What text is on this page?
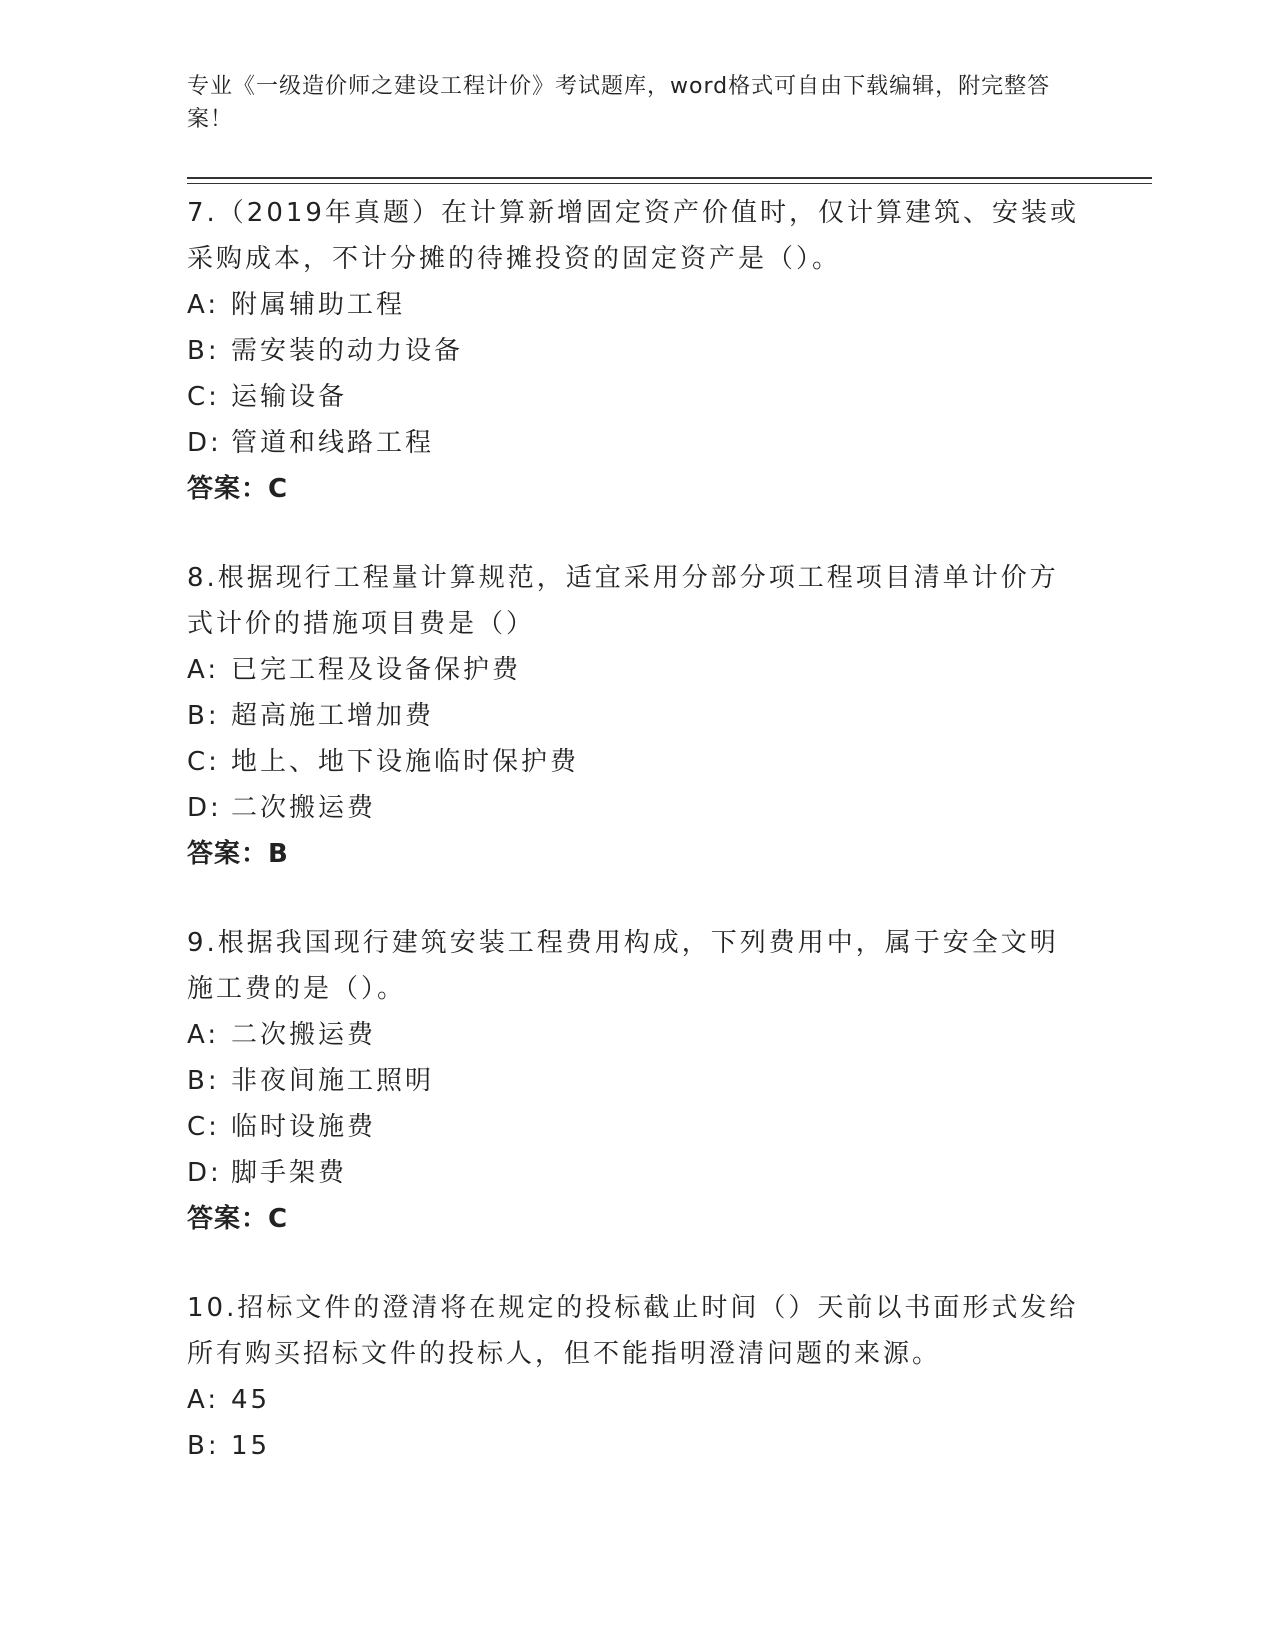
专业《一级造价师之建设工程计价》考试题库，word格式可自由下载编辑，附完整答案！
7.（2019年真题）在计算新增固定资产价值时，仅计算建筑、安装或采购成本，不计分摊的待摊投资的固定资产是（）。
A: 附属辅助工程
B: 需安装的动力设备
C: 运输设备
D: 管道和线路工程
答案：C
8.根据现行工程量计算规范，适宜采用分部分项工程项目清单计价方式计价的措施项目费是（）
A: 已完工程及设备保护费
B: 超高施工增加费
C: 地上、地下设施临时保护费
D: 二次搬运费
答案：B
9.根据我国现行建筑安装工程费用构成，下列费用中，属于安全文明施工费的是（）。
A: 二次搬运费
B: 非夜间施工照明
C: 临时设施费
D: 脚手架费
答案：C
10.招标文件的澄清将在规定的投标截止时间（）天前以书面形式发给所有购买招标文件的投标人，但不能指明澄清问题的来源。
A: 45
B: 15
